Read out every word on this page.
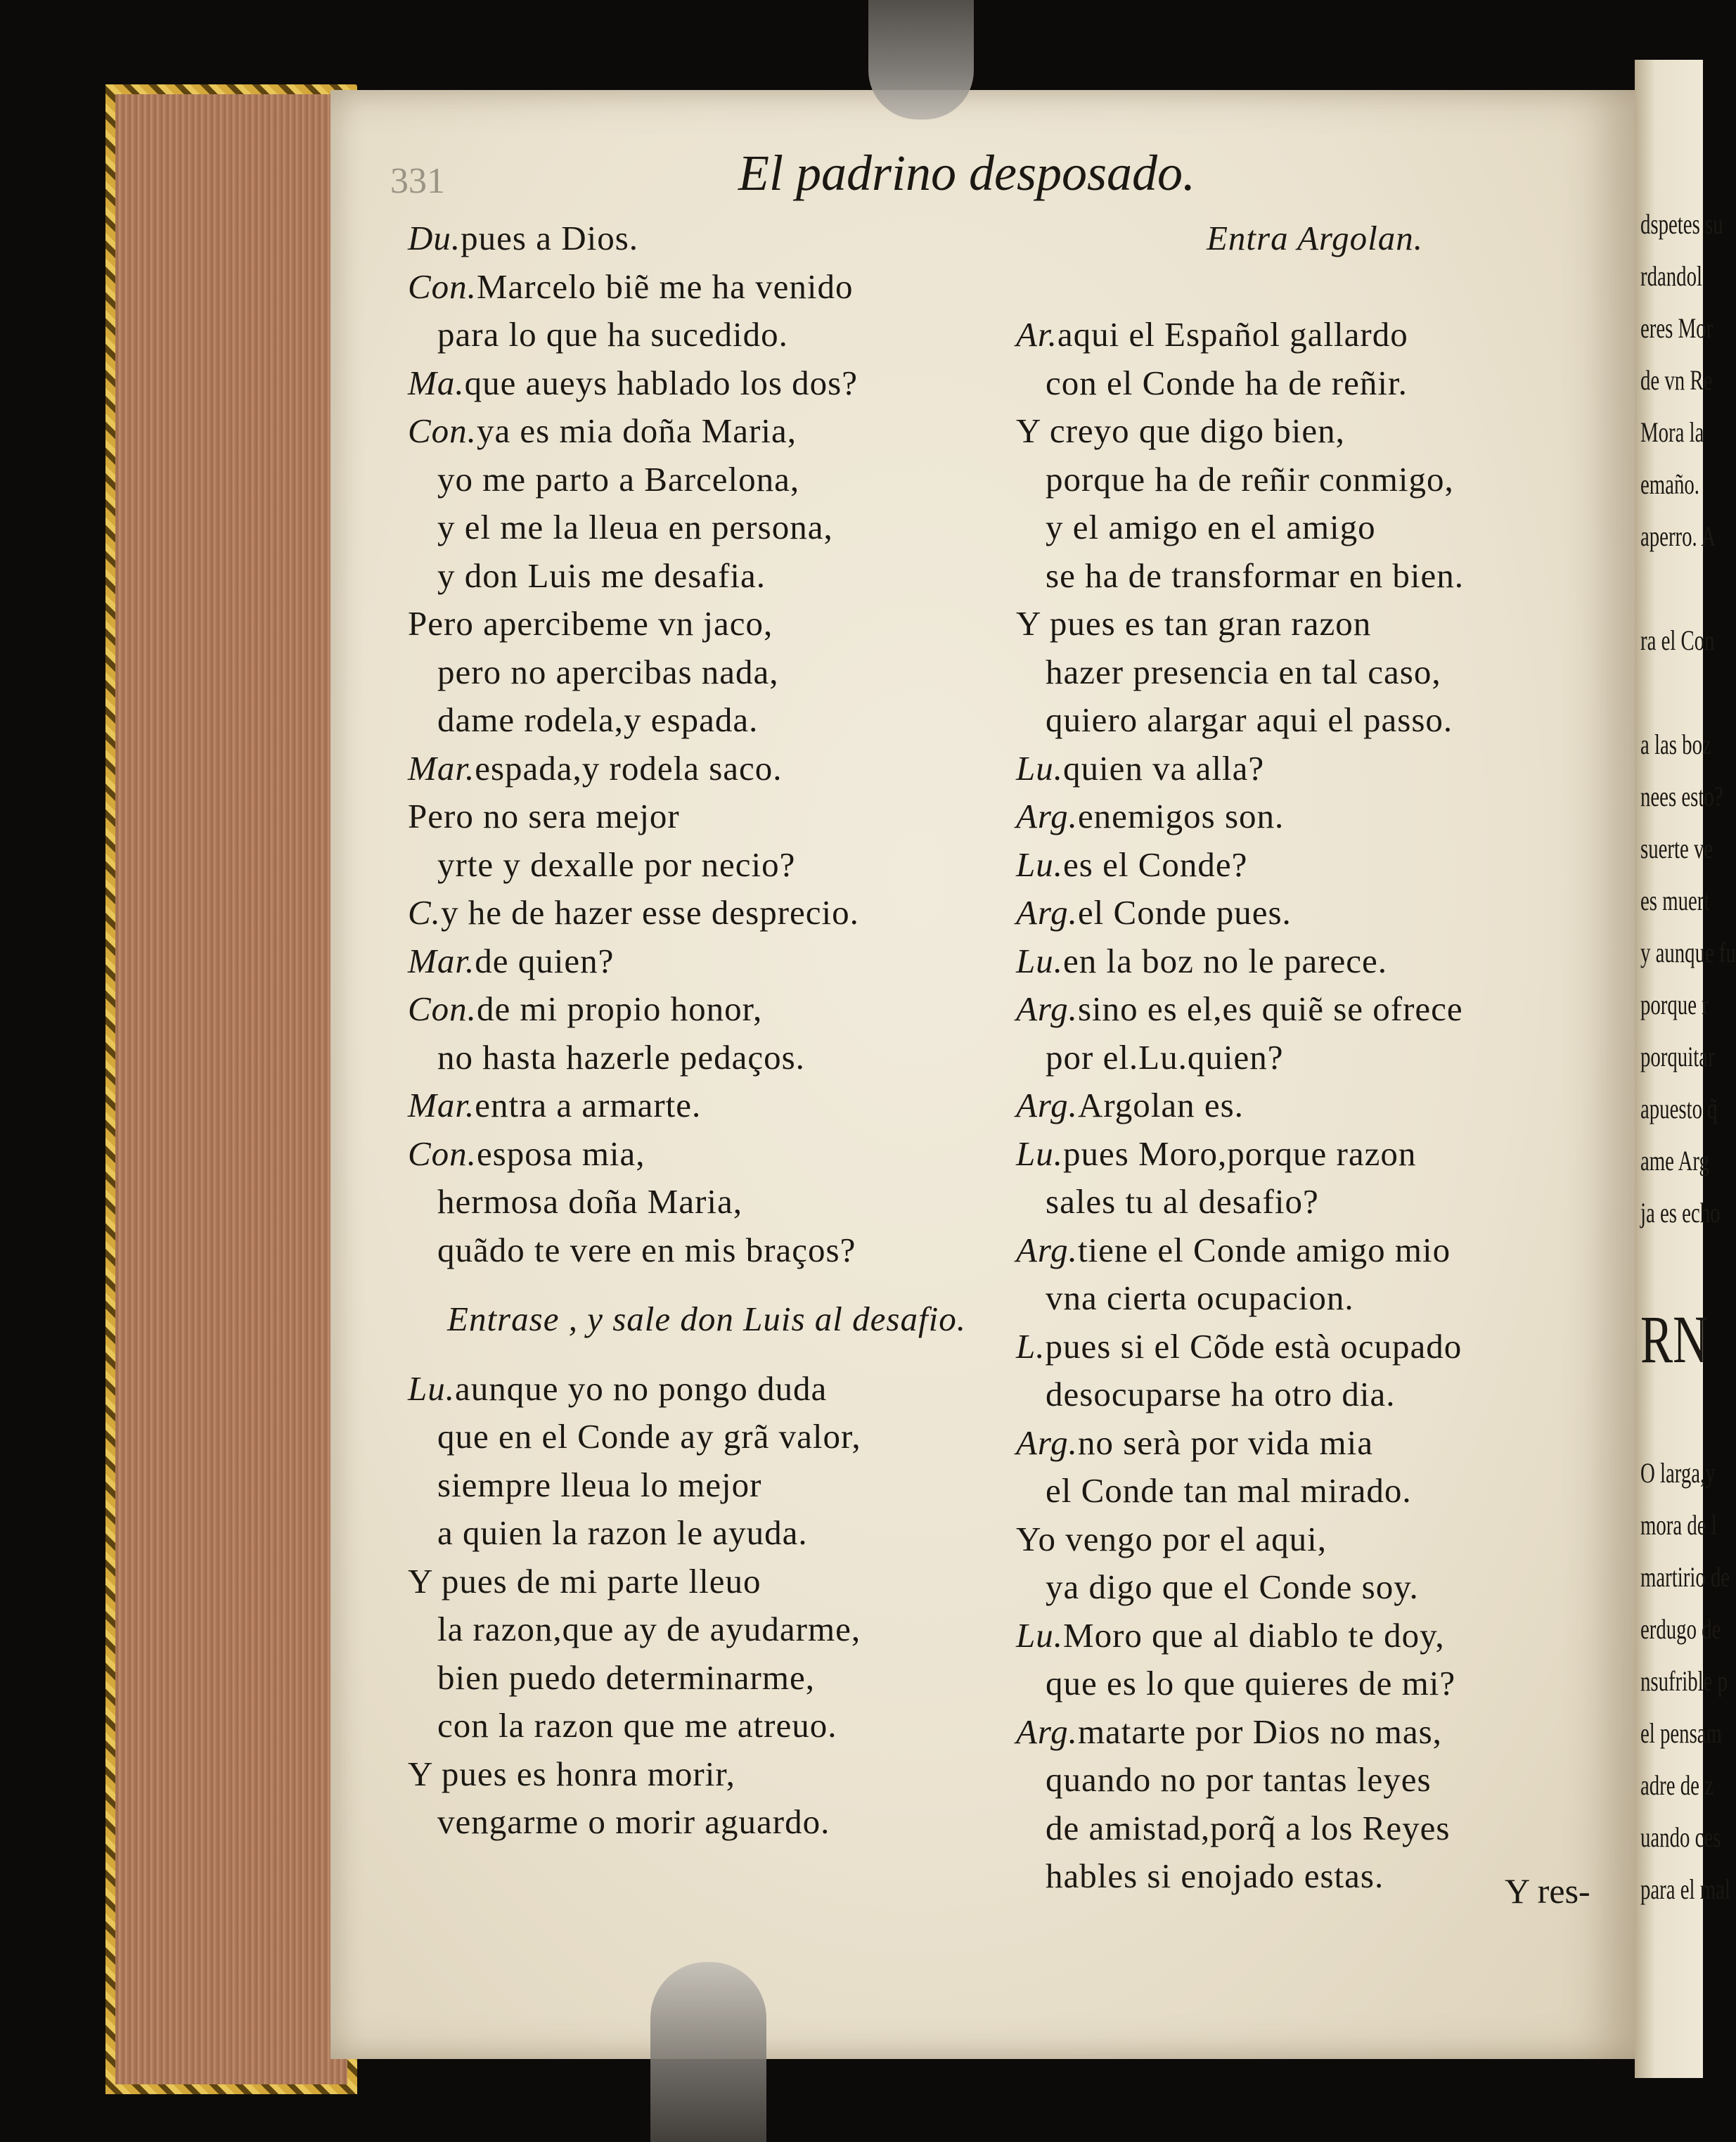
dspetes su
rdandol
eres Mor
de vn Re
Mora la
emaño.
aperro. A
ra el Con
a las boz
nees esto?
suerte ve
es muert
y aunque fu
porque r
porquitar
apuesto q̃
ame Arg
ja es echo
RN
O larga,y
mora de l
martirio de
erdugo de
nsufrible p
el pensam
adre de z
uando ces
para el mal
331	El padrino desposado.
Du.pues a Dios.
Con.Marcelo biẽ me ha venido
para lo que ha sucedido.
Ma.que aueys hablado los dos?
Con.ya es mia doña Maria,
yo me parto a Barcelona,
y el me la lleua en persona,
y don Luis me desafia.
Pero apercibeme vn jaco,
pero no apercibas nada,
dame rodela,y espada.
Mar.espada,y rodela saco.
Pero no sera mejor
yrte y dexalle por necio?
C.y he de hazer esse desprecio.
Mar.de quien?
Con.de mi propio honor,
no hasta hazerle pedaços.
Mar.entra a armarte.
Con.esposa mia,
hermosa doña Maria,
quãdo te vere en mis braços?
Entrase , y sale don Luis al desafio.
Lu.aunque yo no pongo duda
que en el Conde ay grã valor,
siempre lleua lo mejor
a quien la razon le ayuda.
Y pues de mi parte lleuo
la razon,que ay de ayudarme,
bien puedo determinarme,
con la razon que me atreuo.
Y pues es honra morir,
vengarme o morir aguardo.
Entra Argolan.
Ar.aqui el Español gallardo
con el Conde ha de reñir.
Y creyo que digo bien,
porque ha de reñir conmigo,
y el amigo en el amigo
se ha de transformar en bien.
Y pues es tan gran razon
hazer presencia en tal caso,
quiero alargar aqui el passo.
Lu.quien va alla?
Arg.enemigos son.
Lu.es el Conde?
Arg.el Conde pues.
Lu.en la boz no le parece.
Arg.sino es el,es quiẽ se ofrece
por el.Lu.quien?
Arg.Argolan es.
Lu.pues Moro,porque razon
sales tu al desafio?
Arg.tiene el Conde amigo mio
vna cierta ocupacion.
L.pues si el Cõde està ocupado
desocuparse ha otro dia.
Arg.no serà por vida mia
el Conde tan mal mirado.
Yo vengo por el aqui,
ya digo que el Conde soy.
Lu.Moro que al diablo te doy,
que es lo que quieres de mi?
Arg.matarte por Dios no mas,
quando no por tantas leyes
de amistad,porq̃ a los Reyes
hables si enojado estas.	Y res-
